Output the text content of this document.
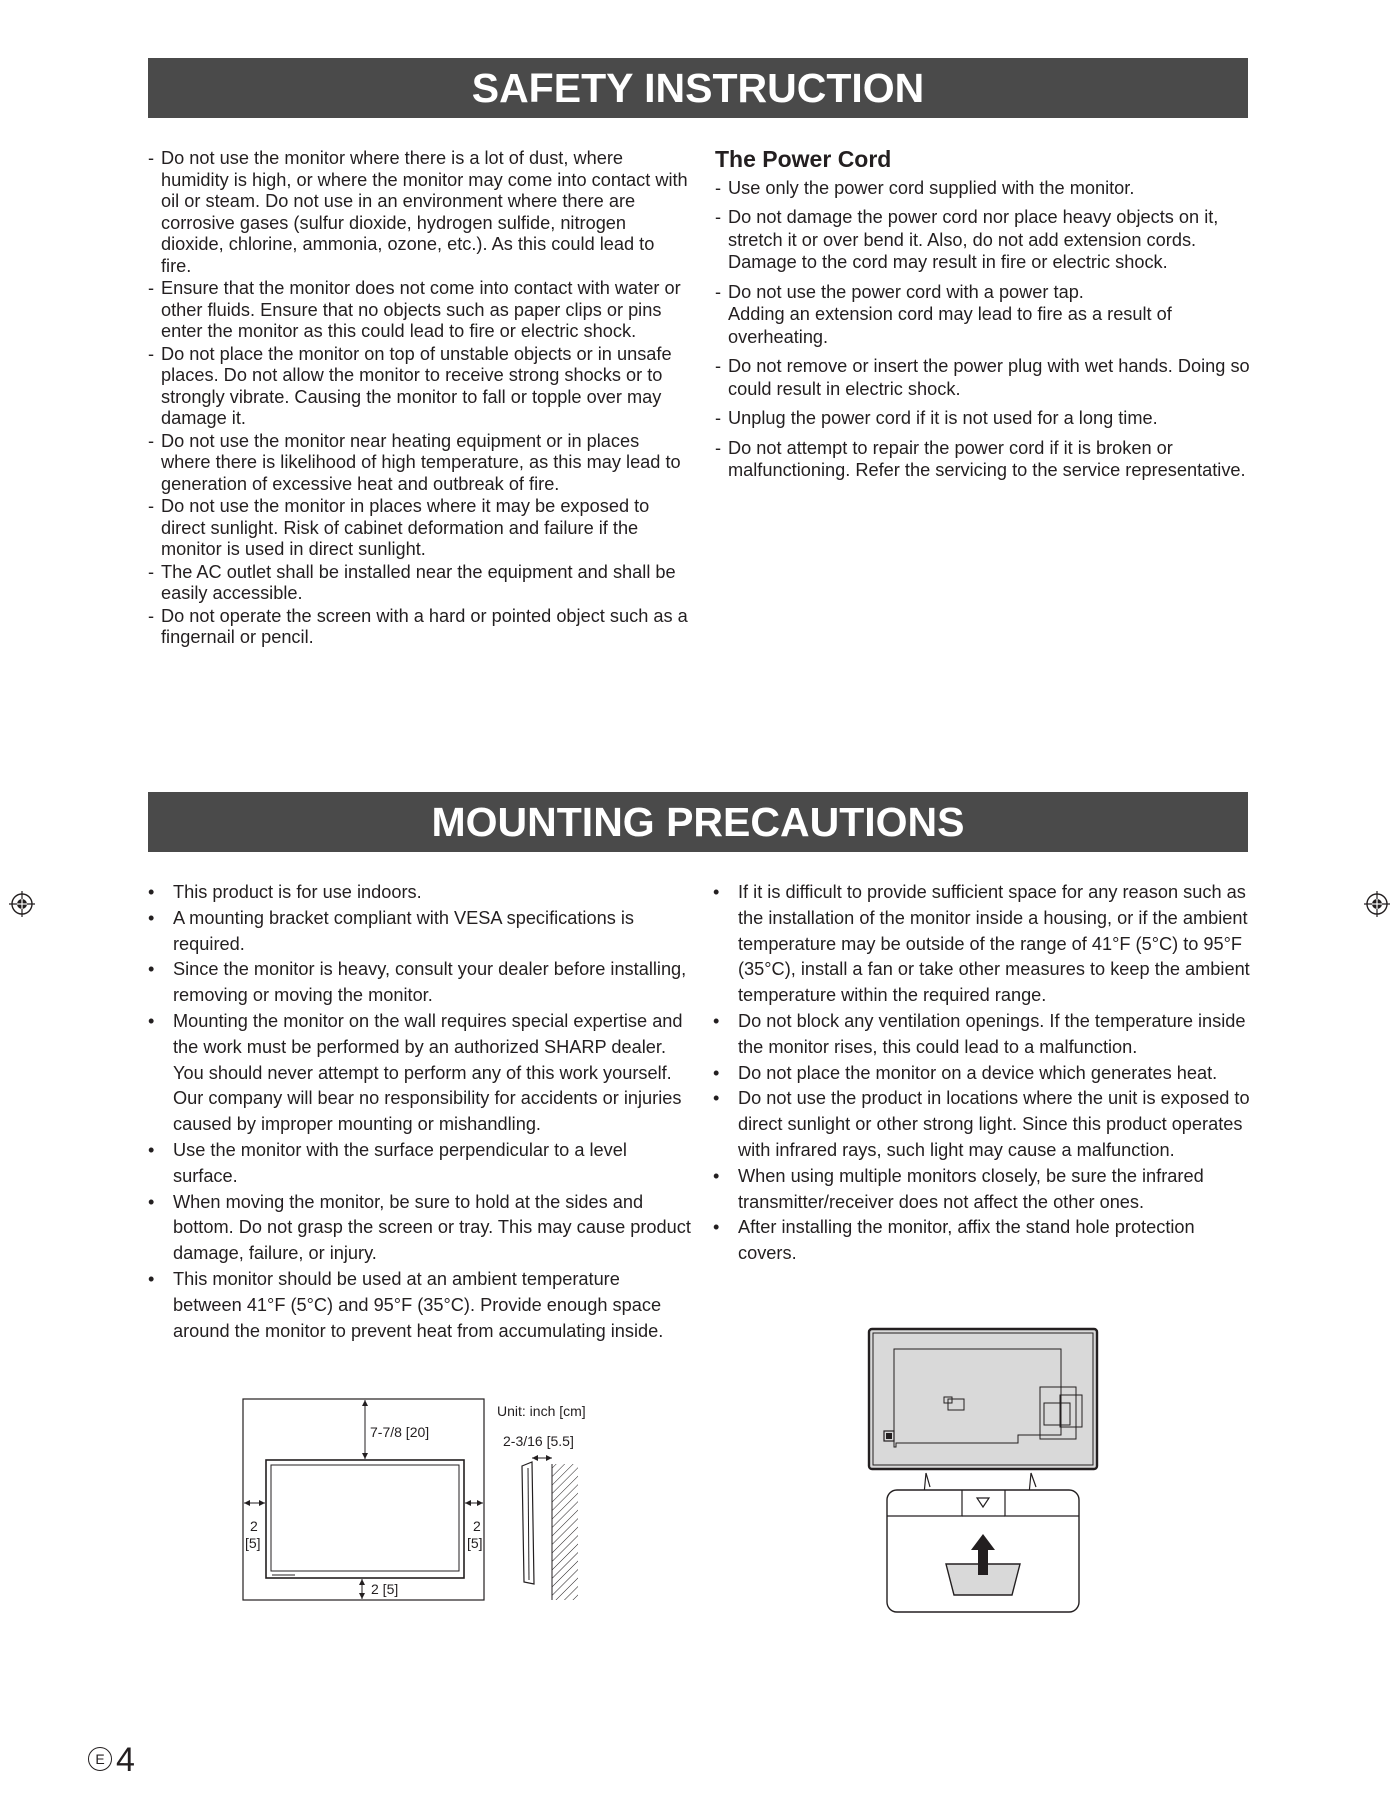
SAFETY INSTRUCTION
- Do not use the monitor where there is a lot of dust, where humidity is high, or where the monitor may come into contact with oil or steam. Do not use in an environment where there are corrosive gases (sulfur dioxide, hydrogen sulfide, nitrogen dioxide, chlorine, ammonia, ozone, etc.). As this could lead to fire.
- Ensure that the monitor does not come into contact with water or other fluids. Ensure that no objects such as paper clips or pins enter the monitor as this could lead to fire or electric shock.
- Do not place the monitor on top of unstable objects or in unsafe places. Do not allow the monitor to receive strong shocks or to strongly vibrate. Causing the monitor to fall or topple over may damage it.
- Do not use the monitor near heating equipment or in places where there is likelihood of high temperature, as this may lead to generation of excessive heat and outbreak of fire.
- Do not use the monitor in places where it may be exposed to direct sunlight. Risk of cabinet deformation and failure if the monitor is used in direct sunlight.
- The AC outlet shall be installed near the equipment and shall be easily accessible.
- Do not operate the screen with a hard or pointed object such as a fingernail or pencil.
The Power Cord
- Use only the power cord supplied with the monitor.
- Do not damage the power cord nor place heavy objects on it, stretch it or over bend it. Also, do not add extension cords. Damage to the cord may result in fire or electric shock.
- Do not use the power cord with a power tap.
Adding an extension cord may lead to fire as a result of overheating.
- Do not remove or insert the power plug with wet hands. Doing so could result in electric shock.
- Unplug the power cord if it is not used for a long time.
- Do not attempt to repair the power cord if it is broken or malfunctioning. Refer the servicing to the service representative.
MOUNTING PRECAUTIONS
• This product is for use indoors.
• A mounting bracket compliant with VESA specifications is required.
• Since the monitor is heavy, consult your dealer before installing, removing or moving the monitor.
• Mounting the monitor on the wall requires special expertise and the work must be performed by an authorized SHARP dealer. You should never attempt to perform any of this work yourself. Our company will bear no responsibility for accidents or injuries caused by improper mounting or mishandling.
• Use the monitor with the surface perpendicular to a level surface.
• When moving the monitor, be sure to hold at the sides and bottom. Do not grasp the screen or tray. This may cause product damage, failure, or injury.
• This monitor should be used at an ambient temperature between 41°F (5°C) and 95°F (35°C). Provide enough space around the monitor to prevent heat from accumulating inside.
• If it is difficult to provide sufficient space for any reason such as the installation of the monitor inside a housing, or if the ambient temperature may be outside of the range of 41°F (5°C) to 95°F (35°C), install a fan or take other measures to keep the ambient temperature within the required range.
• Do not block any ventilation openings. If the temperature inside the monitor rises, this could lead to a malfunction.
• Do not place the monitor on a device which generates heat.
• Do not use the product in locations where the unit is exposed to direct sunlight or other strong light. Since this product operates with infrared rays, such light may cause a malfunction.
• When using multiple monitors closely, be sure the infrared transmitter/receiver does not affect the other ones.
• After installing the monitor, affix the stand hole protection covers.
7-7/8 [20]
Unit: inch [cm]
2-3/16 [5.5]
2
[5]
2
[5]
2 [5]
E 4
